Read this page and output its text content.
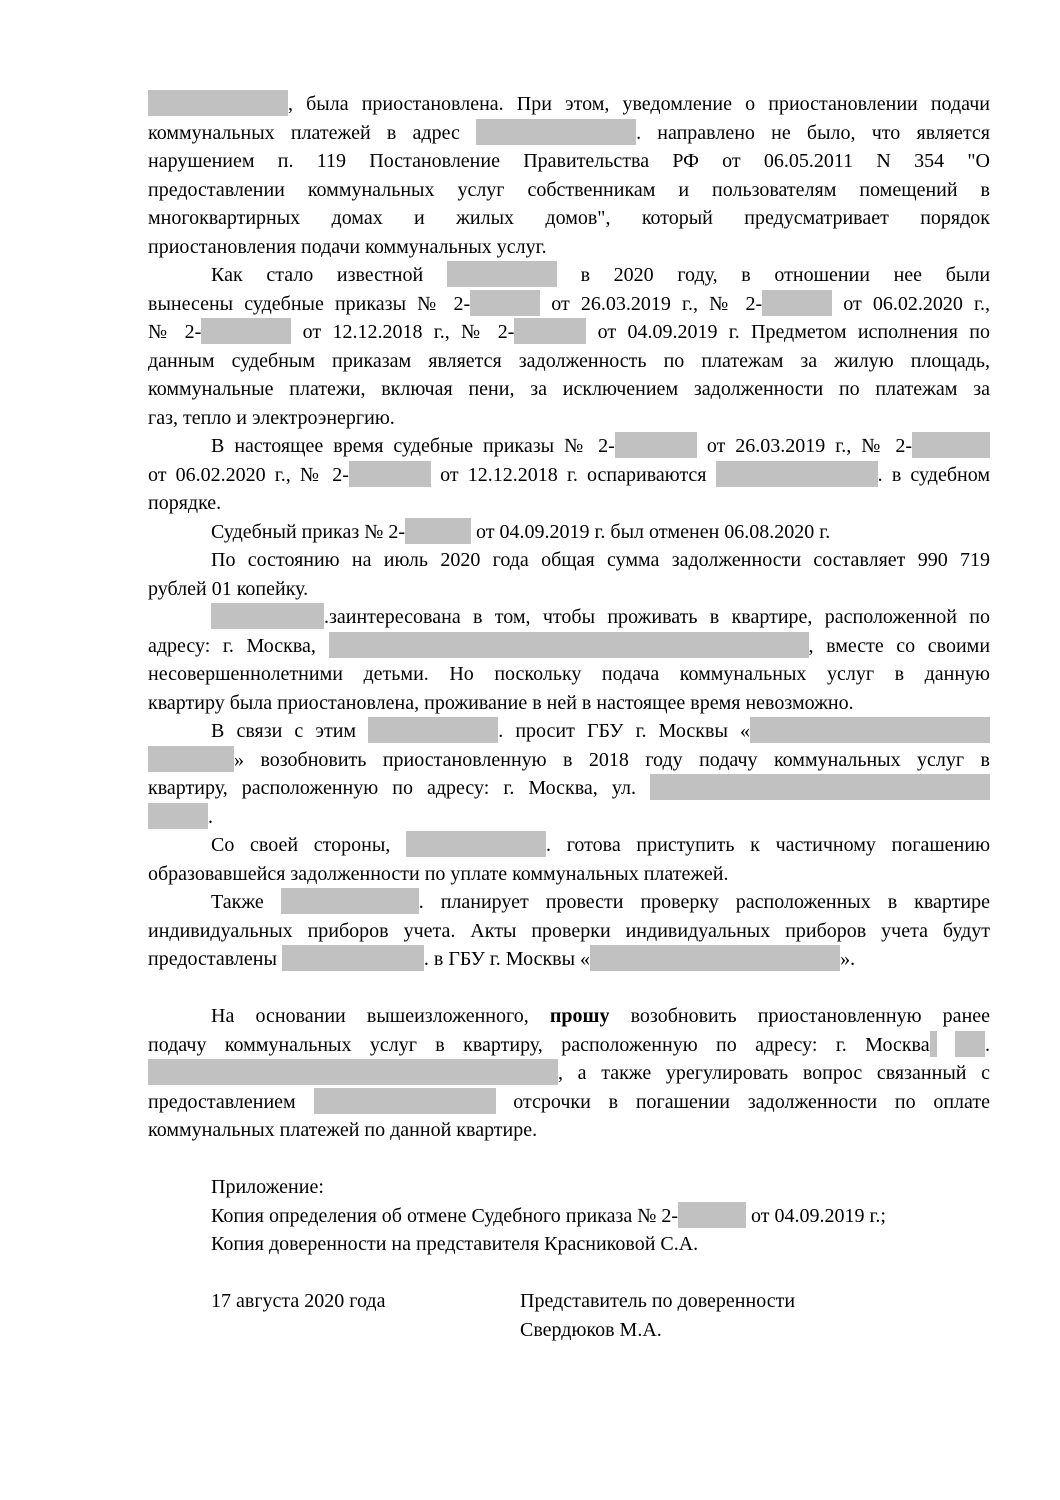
, была приостановлена. При этом, уведомление о приостановлении подачи
коммунальных платежей в адрес	. направлено не было, что является
нарушением п. 119 Постановление Правительства РФ от 06.05.2011 N 354 "О
предоставлении коммунальных услуг собственникам и пользователям помещений в
многоквартирных домах и жилых домов", который предусматривает порядок
приостановления подачи коммунальных услуг.
Как стало известной	в 2020 году, в отношении нее были
вынесены судебные приказы № 2-	от 26.03.2019 г., № 2-	от 06.02.2020 г.,
№ 2-	от 12.12.2018 г., № 2-	от 04.09.2019 г. Предметом исполнения по
данным судебным приказам является задолженность по платежам за жилую площадь,
коммунальные платежи, включая пени, за исключением задолженности по платежам за
газ, тепло и электроэнергию.
В настоящее время судебные приказы № 2-	от 26.03.2019 г., № 2-
от 06.02.2020 г., № 2-	от 12.12.2018 г. оспариваются	. в судебном
порядке.
Судебный приказ № 2-	от 04.09.2019 г. был отменен 06.08.2020 г.
По состоянию на июль 2020 года общая сумма задолженности составляет 990 719
рублей 01 копейку.
.заинтересована в том, чтобы проживать в квартире, расположенной по
адресу: г. Москва,	, вместе со своими
несовершеннолетними детьми. Но поскольку подача коммунальных услуг в данную
квартиру была приостановлена, проживание в ней в настоящее время невозможно.
В связи с этим	. просит ГБУ г. Москвы «
» возобновить приостановленную в 2018 году подачу коммунальных услуг в
квартиру, расположенную по адресу: г. Москва, ул.
.
Со своей стороны,	. готова приступить к частичному погашению
образовавшейся задолженности по уплате коммунальных платежей.
Также	. планирует провести проверку расположенных в квартире
индивидуальных приборов учета. Акты проверки индивидуальных приборов учета будут
предоставлены	. в ГБУ г. Москвы «	».
На основании вышеизложенного, прошу возобновить приостановленную ранее
подачу коммунальных услуг в квартиру, расположенную по адресу: г. Москва	.
, а также урегулировать вопрос связанный с
предоставлением	отсрочки в погашении задолженности по оплате
коммунальных платежей по данной квартире.
Приложение:
Копия определения об отмене Судебного приказа № 2-	от 04.09.2019 г.;
Копия доверенности на представителя Красниковой С.А.
17 августа 2020 года	Представитель по доверенности
Свердюков М.А.
